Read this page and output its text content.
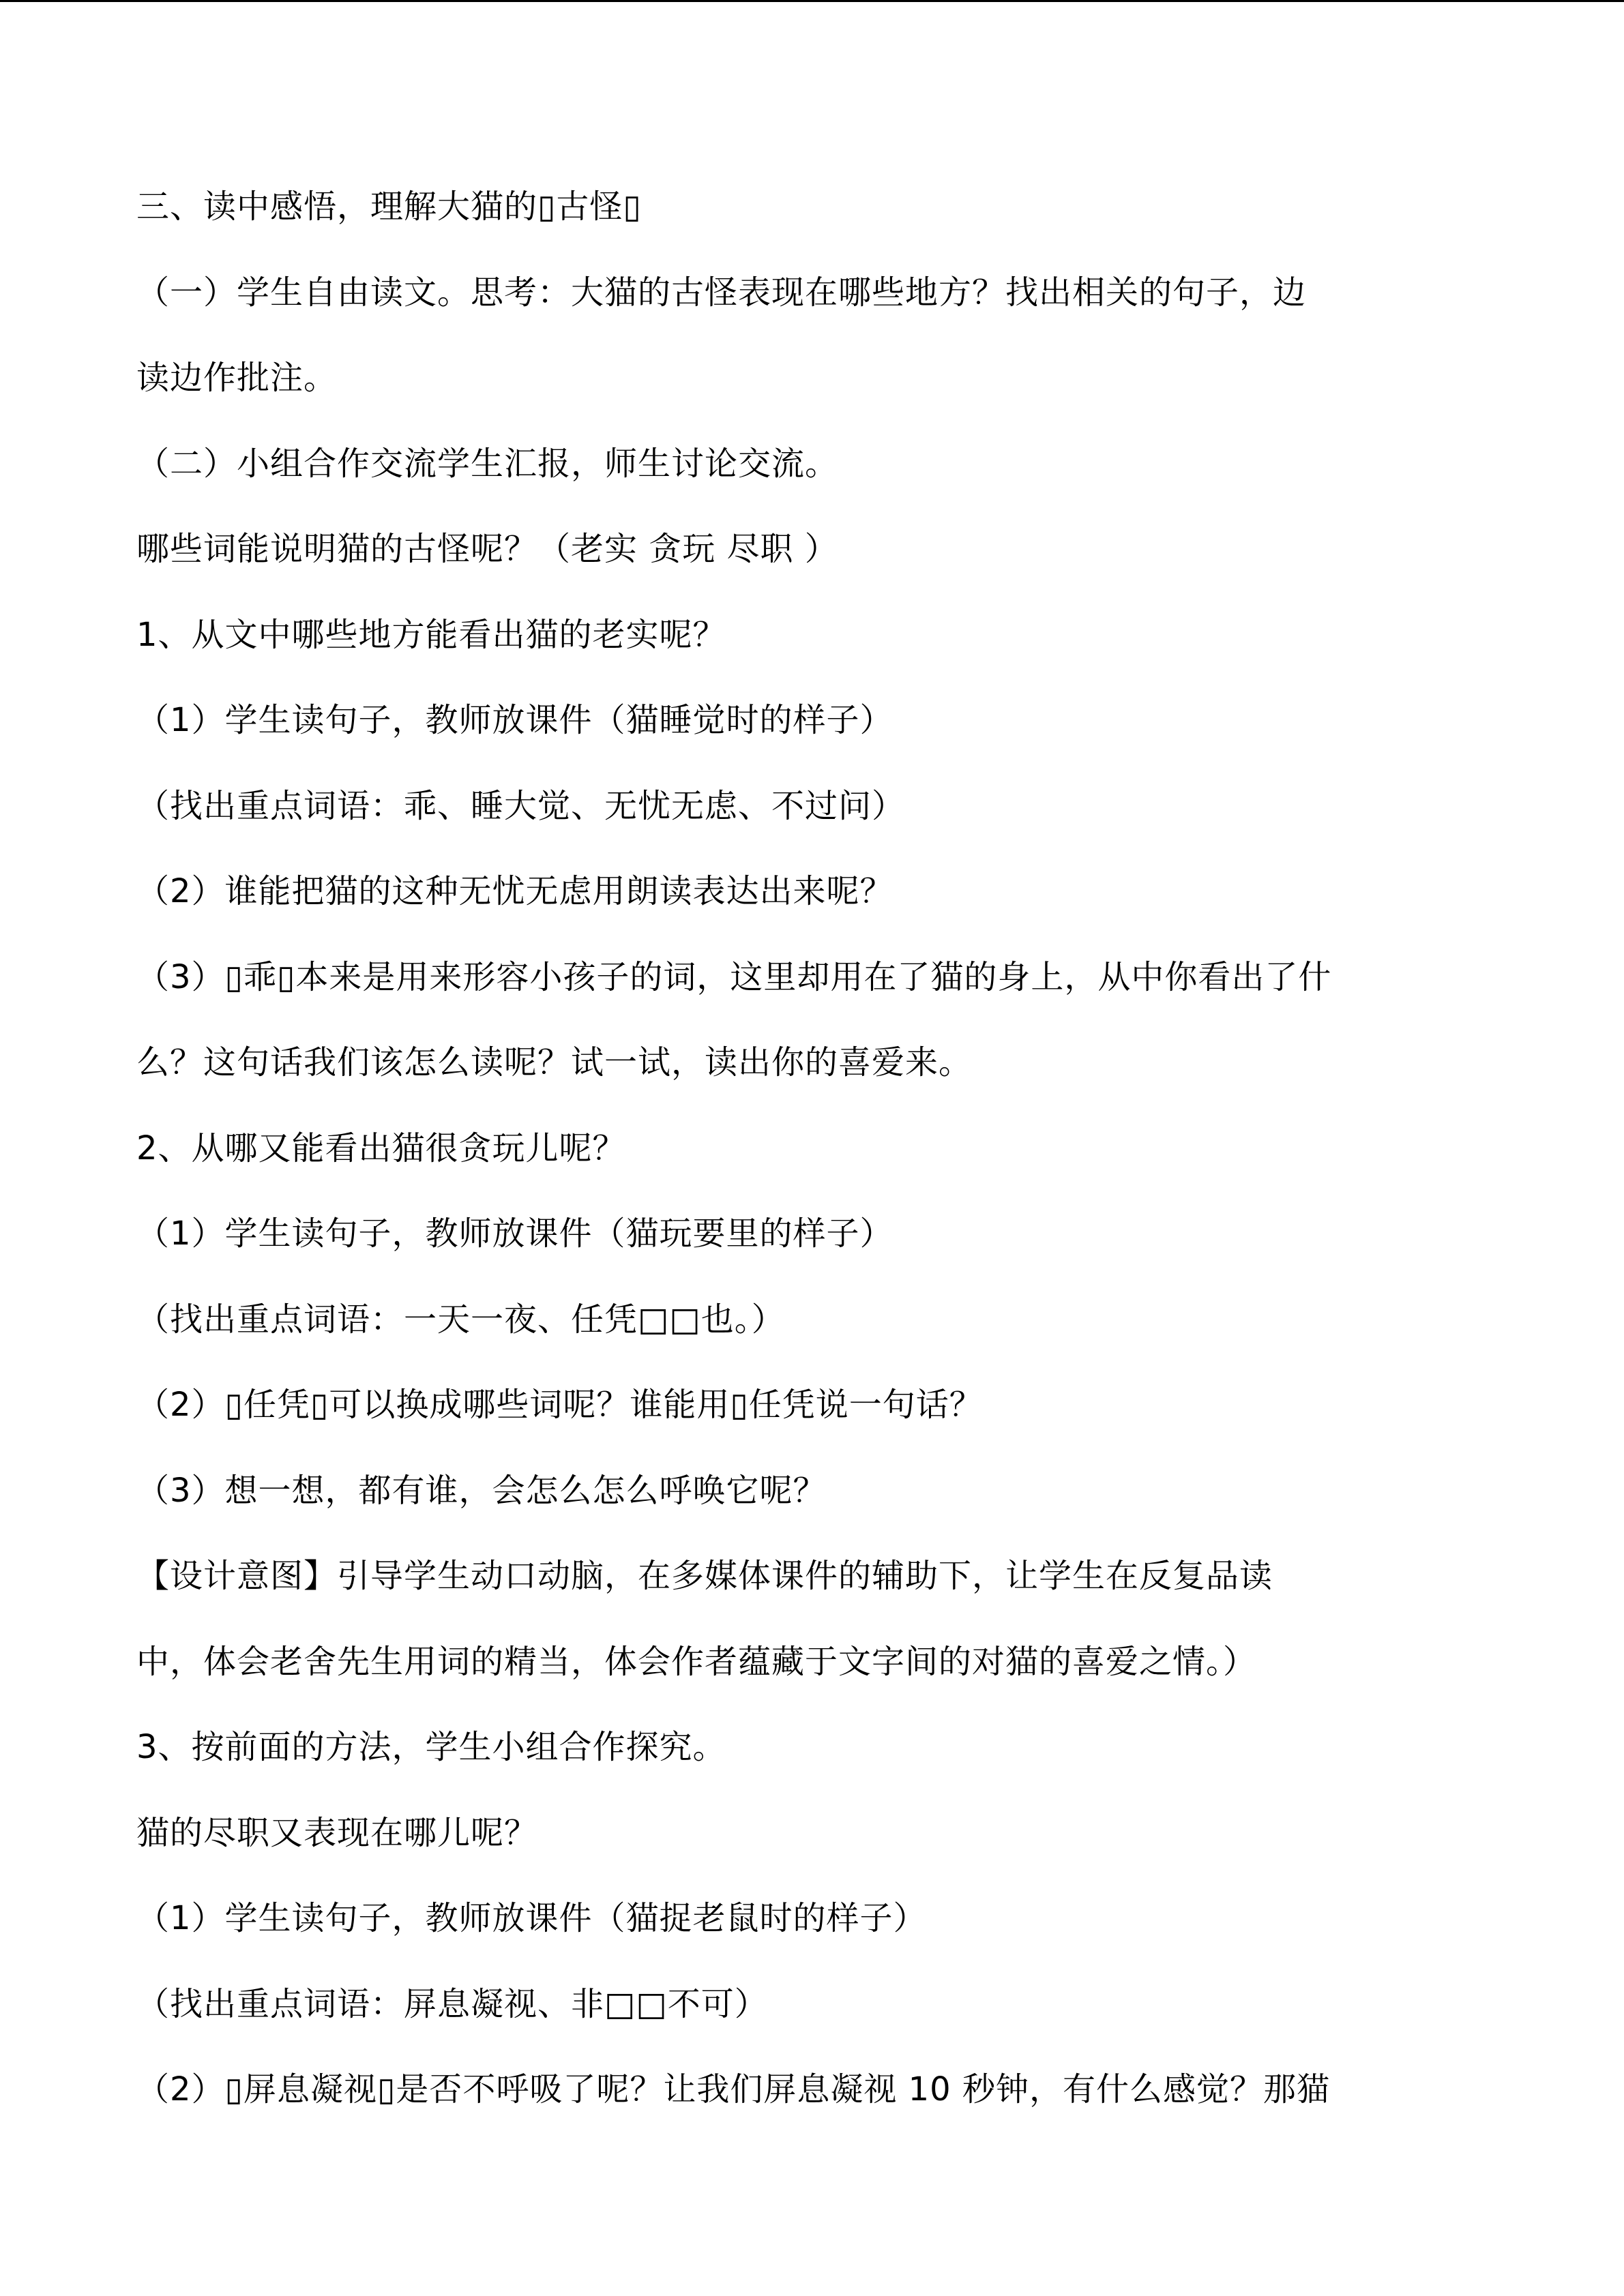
三、读中感悟，理解大猫的▯古怪▯
（一）学生自由读文。思考：大猫的古怪表现在哪些地方？找出相关的句子，边
读边作批注。
（二）小组合作交流学生汇报，师生讨论交流。
哪些词能说明猫的古怪呢？（老实 贪玩 尽职 ）
1、从文中哪些地方能看出猫的老实呢？
（1）学生读句子，教师放课件（猫睡觉时的样子）
（找出重点词语：乖、睡大觉、无忧无虑、不过问）
（2）谁能把猫的这种无忧无虑用朗读表达出来呢？
（3）▯乖▯本来是用来形容小孩子的词，这里却用在了猫的身上，从中你看出了什
么？这句话我们该怎么读呢？试一试，读出你的喜爱来。
2、从哪又能看出猫很贪玩儿呢？
（1）学生读句子，教师放课件（猫玩要里的样子）
（找出重点词语：一天一夜、任凭□□也。）
（2）▯任凭▯可以换成哪些词呢？谁能用▯任凭说一句话？
（3）想一想，都有谁，会怎么怎么呼唤它呢？
【设计意图】引导学生动口动脑，在多媒体课件的辅助下，让学生在反复品读
中，体会老舍先生用词的精当，体会作者蕴藏于文字间的对猫的喜爱之情。）
3、按前面的方法，学生小组合作探究。
猫的尽职又表现在哪儿呢？
（1）学生读句子，教师放课件（猫捉老鼠时的样子）
（找出重点词语：屏息凝视、非□□不可）
（2）▯屏息凝视▯是否不呼吸了呢？让我们屏息凝视 10 秒钟，有什么感觉？那猫
